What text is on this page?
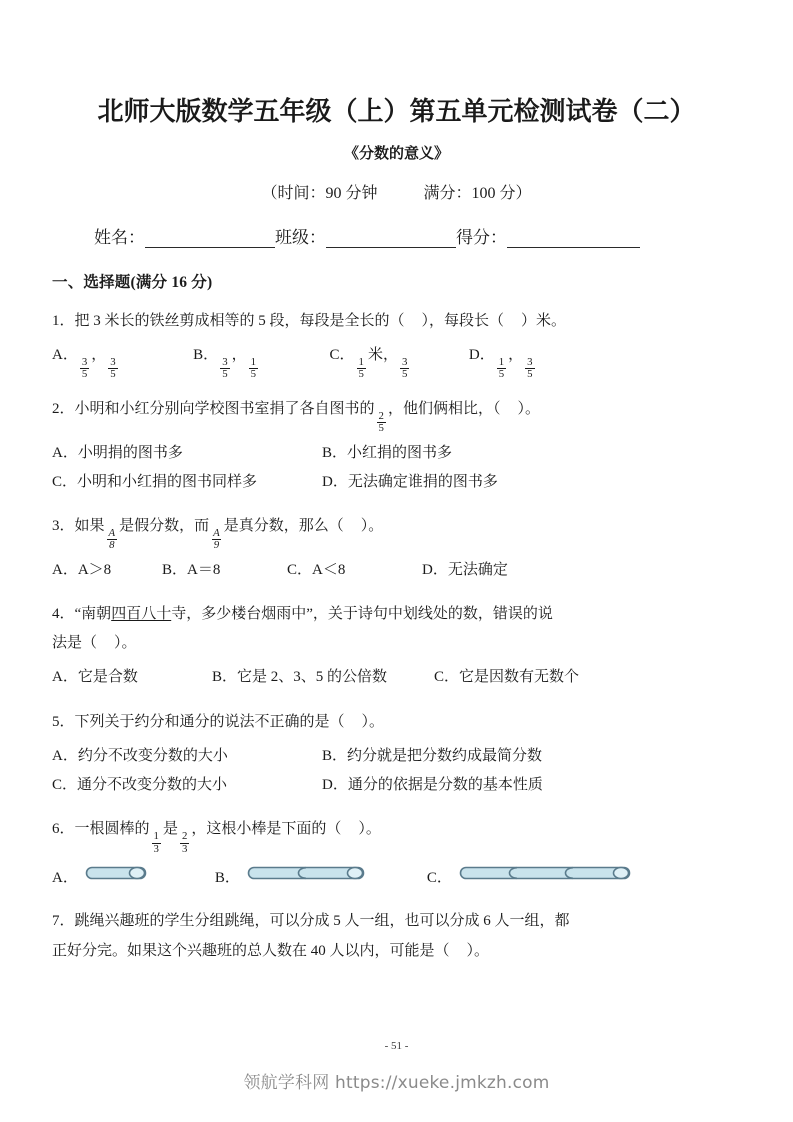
北师大版数学五年级（上）第五单元检测试卷（二）
《分数的意义》
（时间：90 分钟	满分：100 分）
姓名：	班级：	得分：
一、选择题(满分 16 分)
1．把 3 米长的铁丝剪成相等的 5 段，每段是全长的（ ），每段长（ ）米。
A．
$\frac{3}{5}$
，
$\frac{3}{5}$
B．
$\frac{3}{5}$
，
$\frac{1}{5}$
C．
$\frac{1}{5}$
米，
$\frac{3}{5}$
D．
$\frac{1}{5}$
，
$\frac{3}{5}$
2．小明和小红分别向学校图书室捐了各自图书的
$\frac{2}{5}$
，他们俩相比，（ ）。
A．小明捐的图书多	B．小红捐的图书多
C．小明和小红捐的图书同样多	D．无法确定谁捐的图书多
3．如果
$\frac{A}{8}$
是假分数，而
$\frac{A}{9}$
是真分数，那么（ ）。
A．A＞8	B．A＝8	C．A＜8	D．无法确定
4．“南朝四百八十寺，多少楼台烟雨中”，关于诗句中划线处的数，错误的说
法是（ ）。
A．它是合数	B．它是 2、3、5 的公倍数	C．它是因数有无数个
5．下列关于约分和通分的说法不正确的是（ ）。
A．约分不改变分数的大小	B．约分就是把分数约成最简分数
C．通分不改变分数的大小	D．通分的依据是分数的基本性质
6．一根圆棒的
$\frac{1}{3}$
是
$\frac{2}{3}$
，这根小棒是下面的（ ）。
A．	B．	C．
7．跳绳兴趣班的学生分组跳绳，可以分成 5 人一组，也可以分成 6 人一组，都
正好分完。如果这个兴趣班的总人数在 40 人以内，可能是（ ）。
- 51 -
领航学科网 https://xueke.jmkzh.com
